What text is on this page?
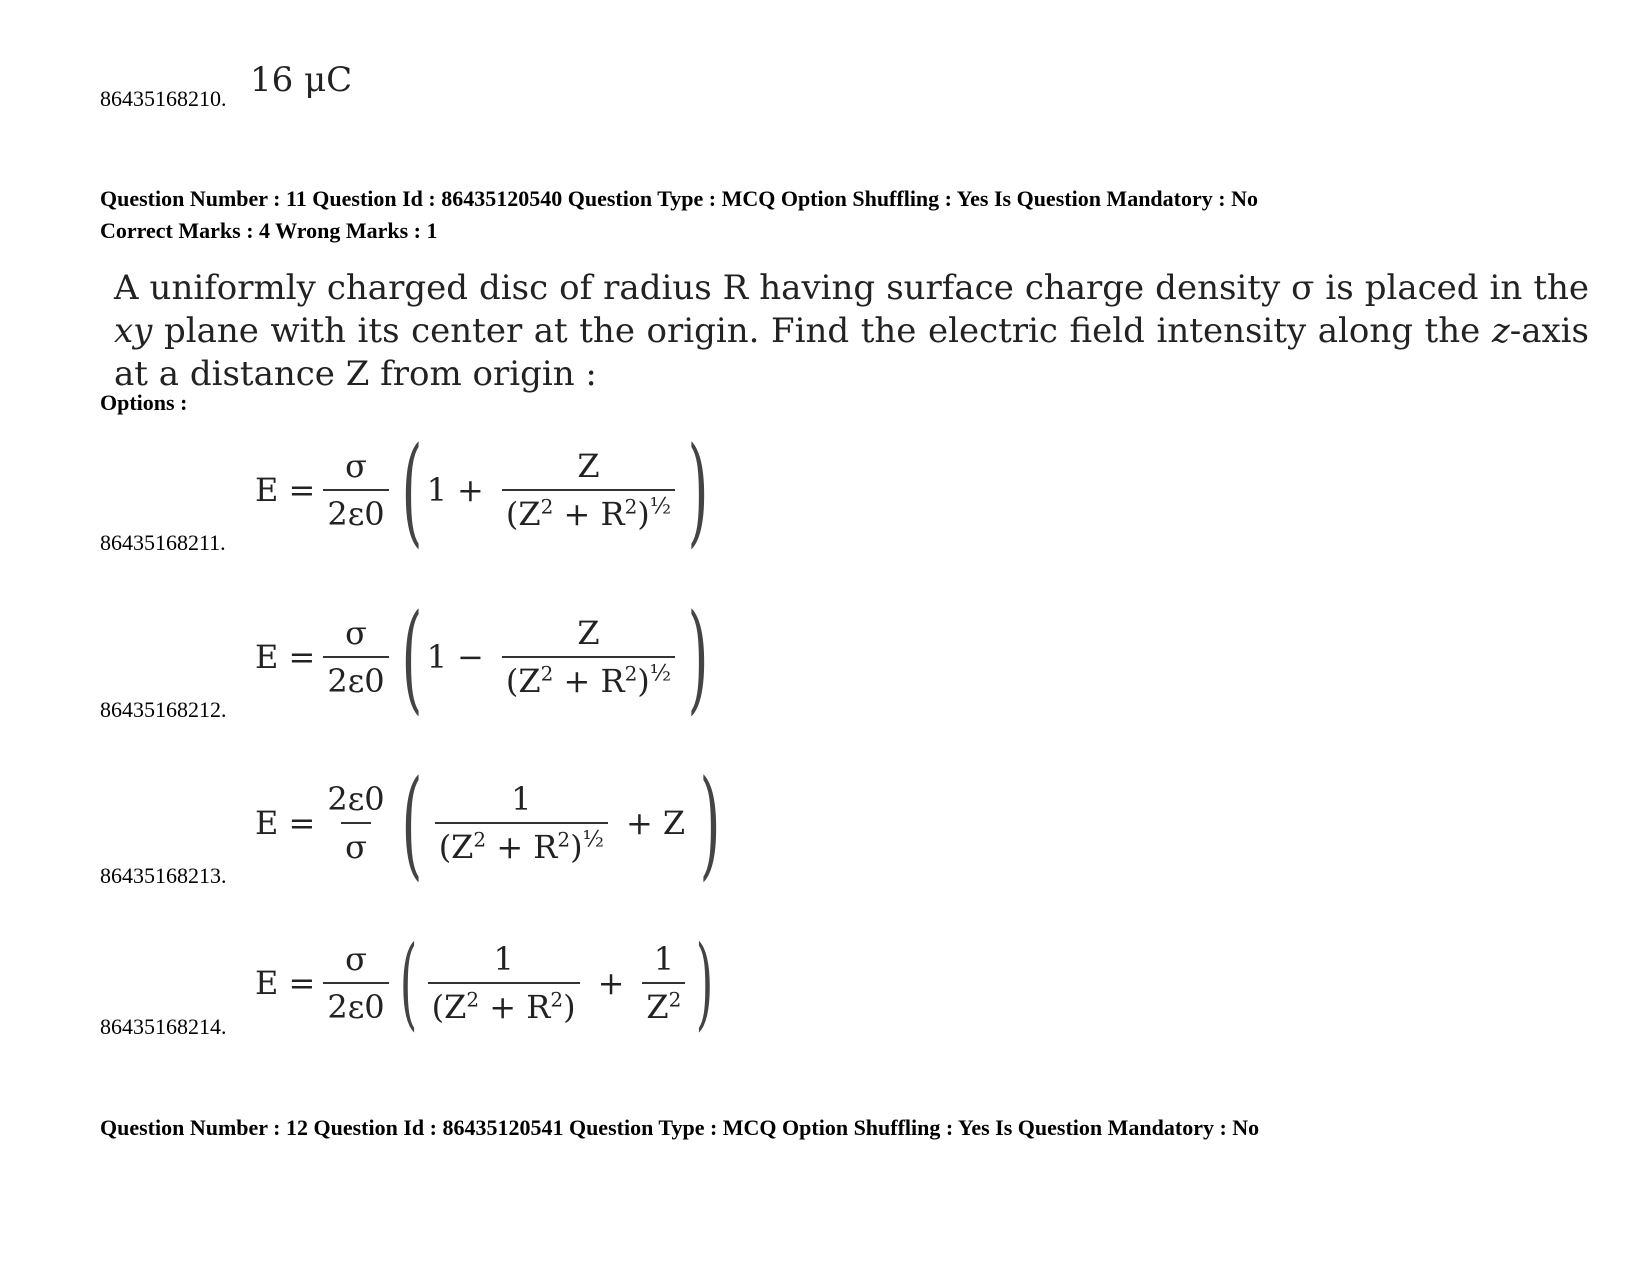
86435168210. 16 μC
Question Number : 11 Question Id : 86435120540 Question Type : MCQ Option Shuffling : Yes Is Question Mandatory : No
Correct Marks : 4 Wrong Marks : 1
A uniformly charged disc of radius R having surface charge density σ is placed in the xy plane with its center at the origin. Find the electric field intensity along the z-axis at a distance Z from origin :
Options :
86435168211.
$E = \frac{\sigma}{2\varepsilon 0}$ ( $1 + \frac{Z}{(Z^2 + R^2)^{\frac{1}{2}}}$ )
86435168212.
$E = \frac{\sigma}{2\varepsilon 0}$ ( $1 - \frac{Z}{(Z^2 + R^2)^{\frac{1}{2}}}$ )
86435168213.
$E = \frac{2\varepsilon 0}{\sigma}$ ( $\frac{1}{(Z^2 + R^2)^{\frac{1}{2}}} + Z$ )
86435168214.
$E = \frac{\sigma}{2\varepsilon 0}$ ( $\frac{1}{(Z^2 + R^2)} + \frac{1}{Z^2}$ )
Question Number : 12 Question Id : 86435120541 Question Type : MCQ Option Shuffling : Yes Is Question Mandatory : No
